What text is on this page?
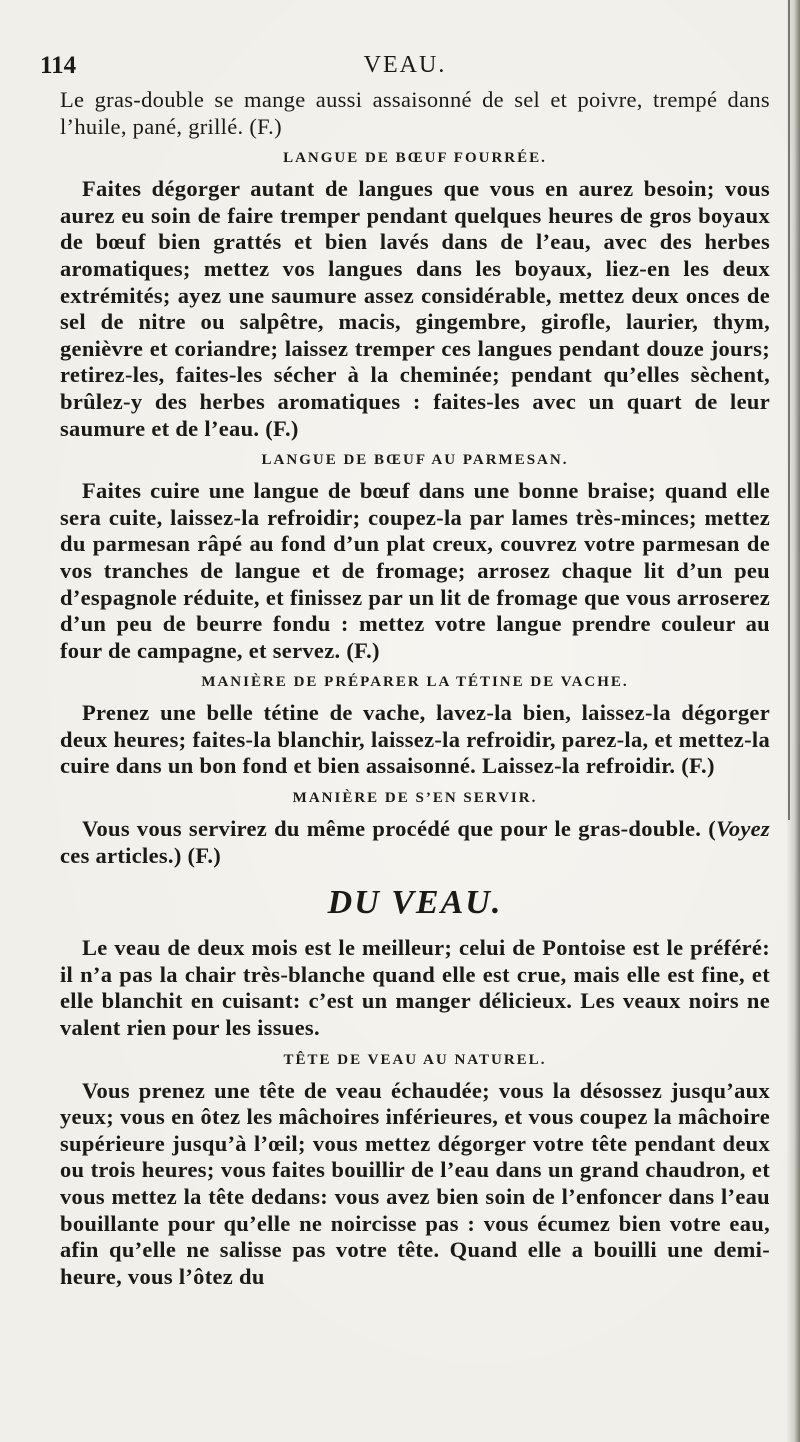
114	VEAU.

Le gras-double se mange aussi assaisonné de sel et poivre, trempé dans l’huile, pané, grillé. (F.)

LANGUE DE BŒUF FOURRÉE.

Faites dégorger autant de langues que vous en aurez besoin; vous aurez eu soin de faire tremper pendant quelques heures de gros boyaux de bœuf bien grattés et bien lavés dans de l’eau, avec des herbes aromatiques; mettez vos langues dans les boyaux, liez-en les deux extrémités; ayez une saumure assez considérable, mettez deux onces de sel de nitre ou salpêtre, macis, gingembre, girofle, laurier, thym, genièvre et coriandre; laissez tremper ces langues pendant douze jours; retirez-les, faites-les sécher à la cheminée; pendant qu’elles sèchent, brûlez-y des herbes aromatiques : faites-les avec un quart de leur saumure et de l’eau. (F.)

LANGUE DE BŒUF AU PARMESAN.

Faites cuire une langue de bœuf dans une bonne braise; quand elle sera cuite, laissez-la refroidir; coupez-la par lames très-minces; mettez du parmesan râpé au fond d’un plat creux, couvrez votre parmesan de vos tranches de langue et de fromage; arrosez chaque lit d’un peu d’espagnole réduite, et finissez par un lit de fromage que vous arroserez d’un peu de beurre fondu : mettez votre langue prendre couleur au four de campagne, et servez. (F.)

MANIÈRE DE PRÉPARER LA TÉTINE DE VACHE.

Prenez une belle tétine de vache, lavez-la bien, laissez-la dégorger deux heures; faites-la blanchir, laissez-la refroidir, parez-la, et mettez-la cuire dans un bon fond et bien assaisonné. Laissez-la refroidir. (F.)

MANIÈRE DE S’EN SERVIR.

Vous vous servirez du même procédé que pour le gras-double. (Voyez ces articles.) (F.)

DU VEAU.

Le veau de deux mois est le meilleur; celui de Pontoise est le préféré: il n’a pas la chair très-blanche quand elle est crue, mais elle est fine, et elle blanchit en cuisant: c’est un manger délicieux. Les veaux noirs ne valent rien pour les issues.

TÊTE DE VEAU AU NATUREL.

Vous prenez une tête de veau échaudée; vous la désossez jusqu’aux yeux; vous en ôtez les mâchoires inférieures, et vous coupez la mâchoire supérieure jusqu’à l’œil; vous mettez dégorger votre tête pendant deux ou trois heures; vous faites bouillir de l’eau dans un grand chaudron, et vous mettez la tête dedans: vous avez bien soin de l’enfoncer dans l’eau bouillante pour qu’elle ne noircisse pas : vous écumez bien votre eau, afin qu’elle ne salisse pas votre tête. Quand elle a bouilli une demi-heure, vous l’ôtez du
